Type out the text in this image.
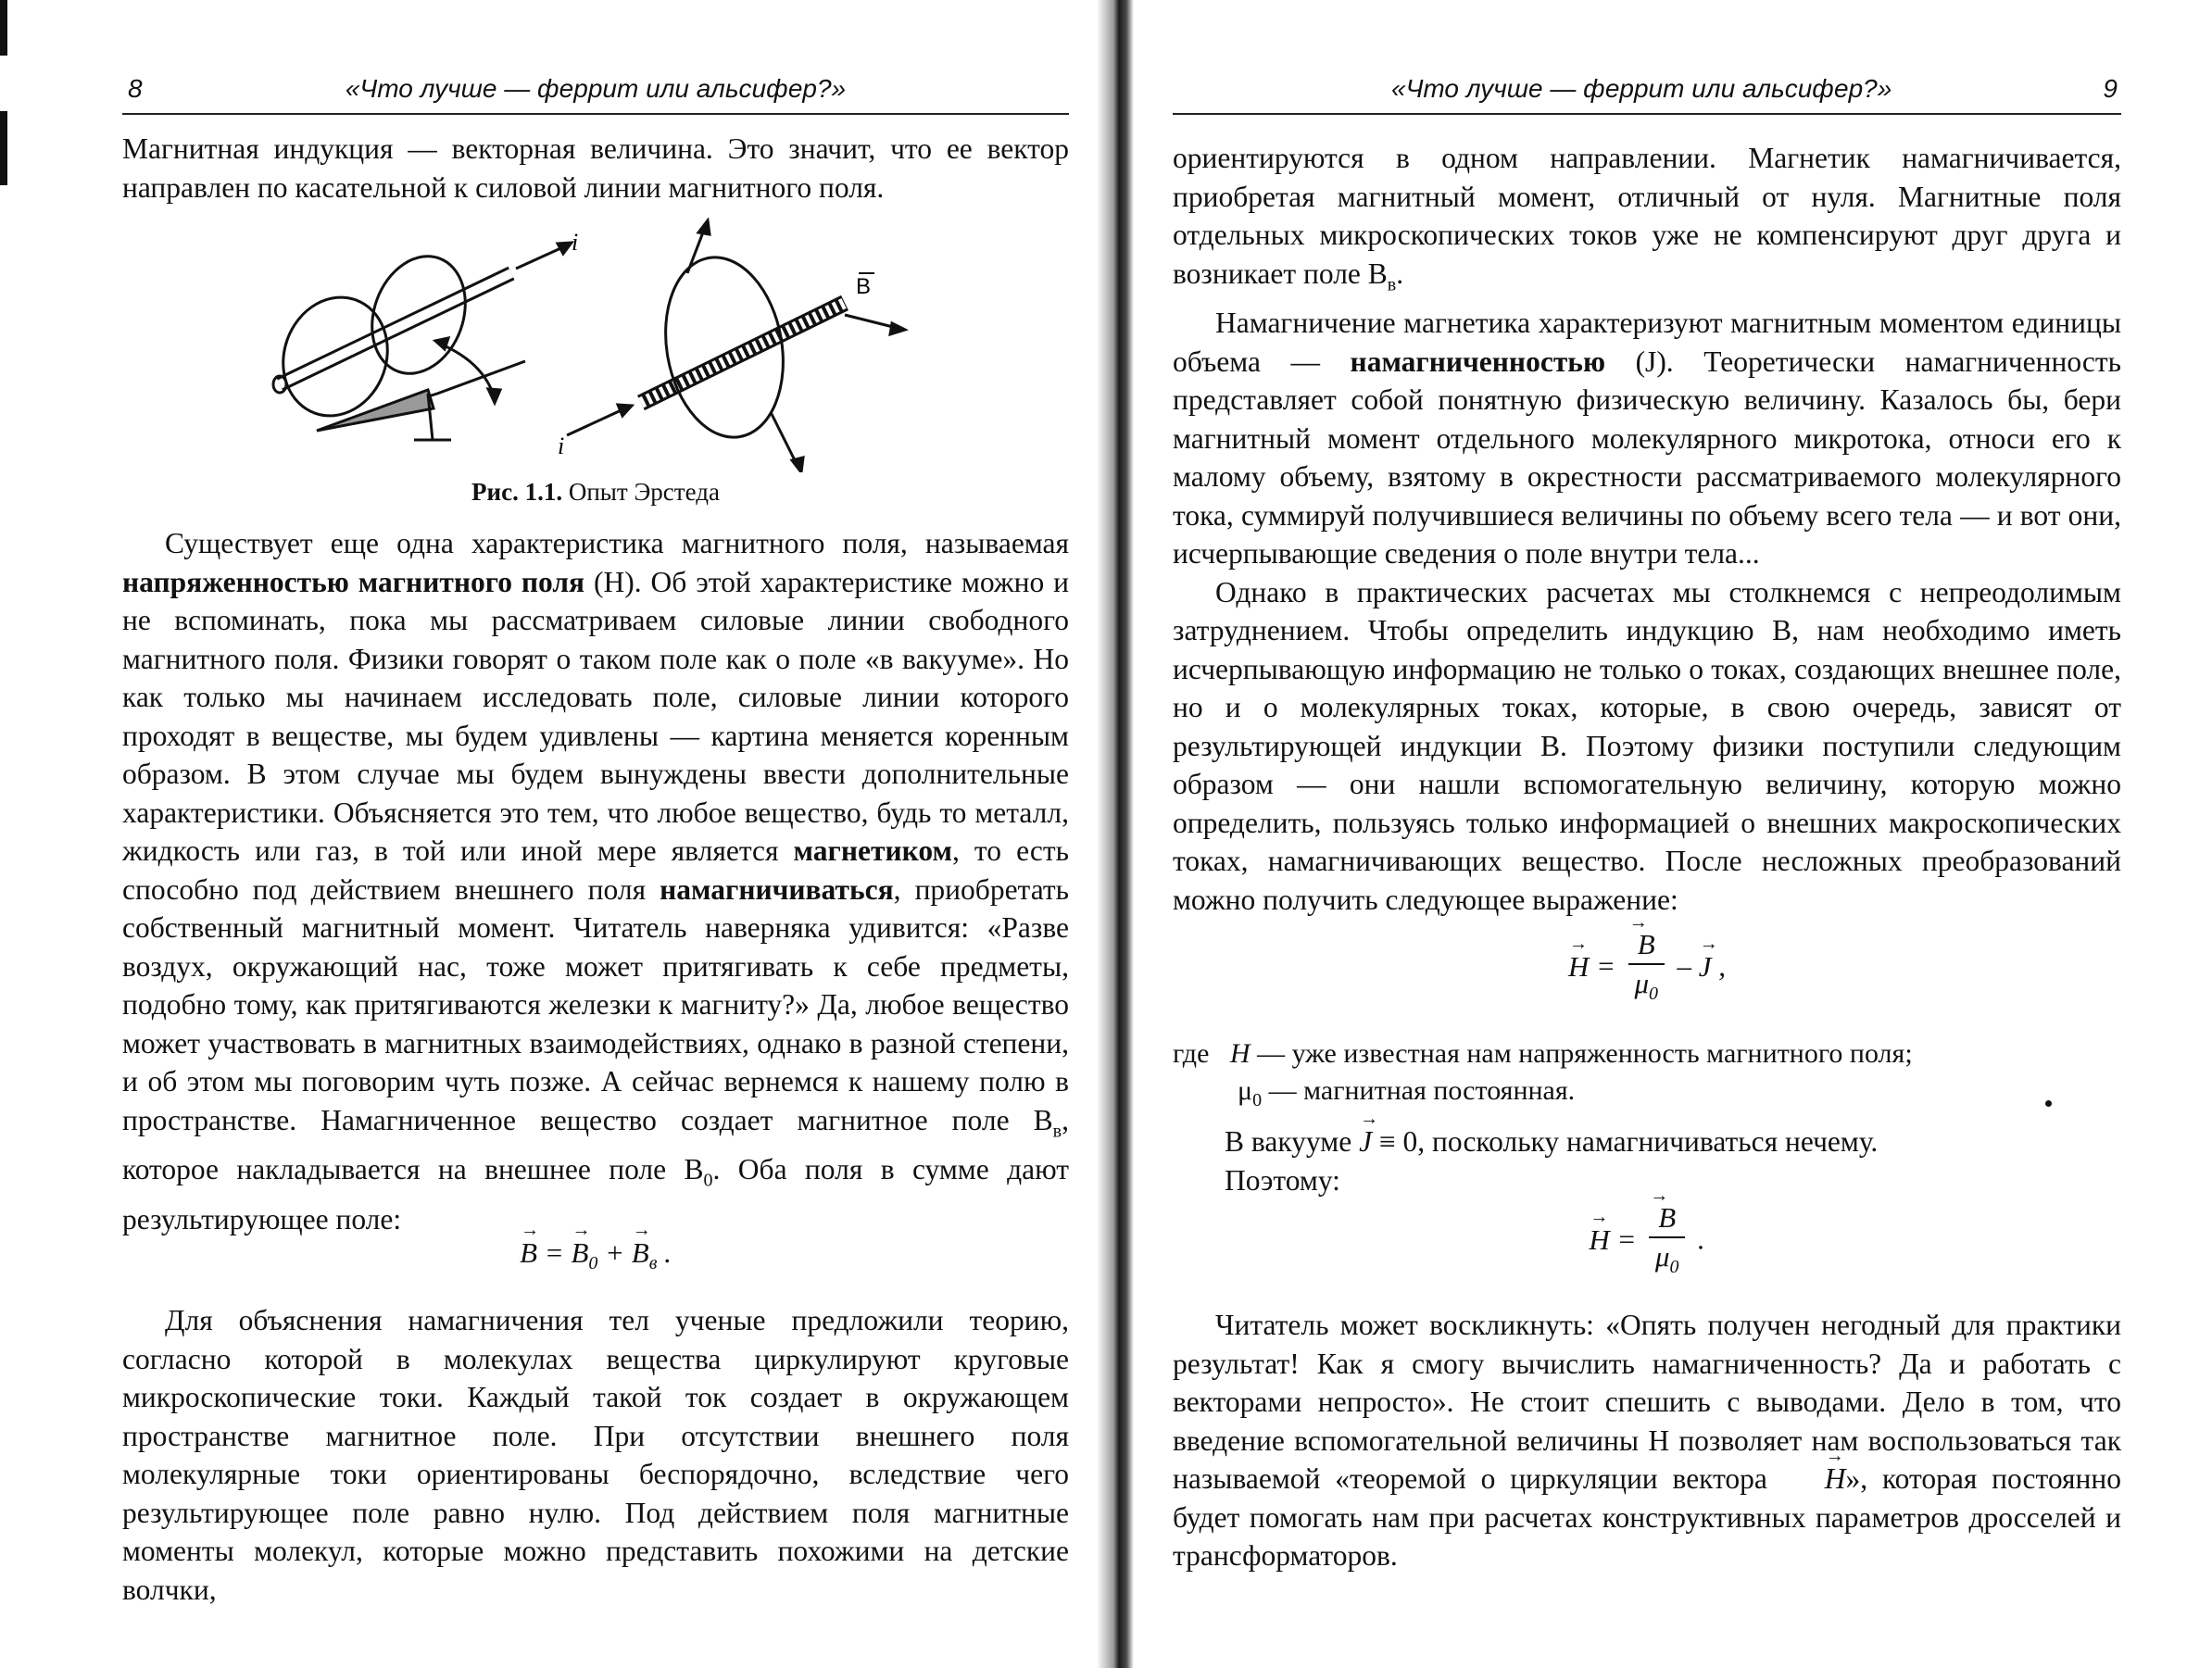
8	«Что лучше — феррит или альсифер?»

Магнитная индукция — векторная величина. Это значит, что ее вектор направлен по касательной к силовой линии магнитного поля.

i
i
B
Рис. 1.1. Опыт Эрстеда

Существует еще одна характеристика магнитного поля, называемая напряженностью магнитного поля (H). Об этой характеристике можно и не вспоминать, пока мы рассматриваем силовые линии свободного магнитного поля. Физики говорят о таком поле как о поле «в вакууме». Но как только мы начинаем исследовать поле, силовые линии которого проходят в веществе, мы будем удивлены — картина меняется коренным образом. В этом случае мы будем вынуждены ввести дополнительные характеристики. Объясняется это тем, что любое вещество, будь то металл, жидкость или газ, в той или иной мере является магнетиком, то есть способно под действием внешнего поля намагничиваться, приобретать собственный магнитный момент. Читатель наверняка удивится: «Разве воздух, окружающий нас, тоже может притягивать к себе предметы, подобно тому, как притягиваются железки к магниту?» Да, любое вещество может участвовать в магнитных взаимодействиях, однако в разной степени, и об этом мы поговорим чуть позже. А сейчас вернемся к нашему полю в пространстве. Намагниченное вещество создает магнитное поле $B_в$, которое накладывается на внешнее поле $B_0$. Оба поля в сумме дают результирующее поле:

→ B = → $B_0$ + → $B_в$ .

Для объяснения намагничения тел ученые предложили теорию, согласно которой в молекулах вещества циркулируют круговые микроскопические токи. Каждый такой ток создает в окружающем пространстве магнитное поле. При отсутствии внешнего поля молекулярные токи ориентированы беспорядочно, вследствие чего результирующее поле равно нулю. Под действием поля магнитные моменты молекул, которые можно представить похожими на детские волчки,

«Что лучше — феррит или альсифер?»	9

ориентируются в одном направлении. Магнетик намагничивается, приобретая магнитный момент, отличный от нуля. Магнитные поля отдельных микроскопических токов уже не компенсируют друг друга и возникает поле $B_в$.

Намагничение магнетика характеризуют магнитным моментом единицы объема — намагниченностью (J). Теоретически намагниченность представляет собой понятную физическую величину. Казалось бы, бери магнитный момент отдельного молекулярного микротока, относи его к малому объему, взятому в окрестности рассматриваемого молекулярного тока, суммируй получившиеся величины по объему всего тела — и вот они, исчерпывающие сведения о поле внутри тела...

Однако в практических расчетах мы столкнемся с непреодолимым затруднением. Чтобы определить индукцию B, нам необходимо иметь исчерпывающую информацию не только о токах, создающих внешнее поле, но и о молекулярных токах, которые, в свою очередь, зависят от результирующей индукции B. Поэтому физики поступили следующим образом — они нашли вспомогательную величину, которую можно определить, пользуясь только информацией о внешних макроскопических токах, намагничивающих вещество. После несложных преобразований можно получить следующее выражение:

→ H = → $\frac{B}{\mu_0}$ – → J ,

где H — уже известная нам напряженность магнитного поля;

$\mu_0$ — магнитная постоянная.

В вакууме → J ≡ 0, поскольку намагничиваться нечему.

Поэтому:

→ H = → $\frac{B}{\mu_0}$ .

Читатель может воскликнуть: «Опять получен негодный для практики результат! Как я смогу вычислить намагниченность? Да и работать с векторами непросто». Не стоит спешить с выводами. Дело в том, что введение вспомогательной величины H позволяет нам воспользоваться так называемой «теоремой о циркуляции вектора → H», которая постоянно будет помогать нам при расчетах конструктивных параметров дросселей и трансформаторов.
